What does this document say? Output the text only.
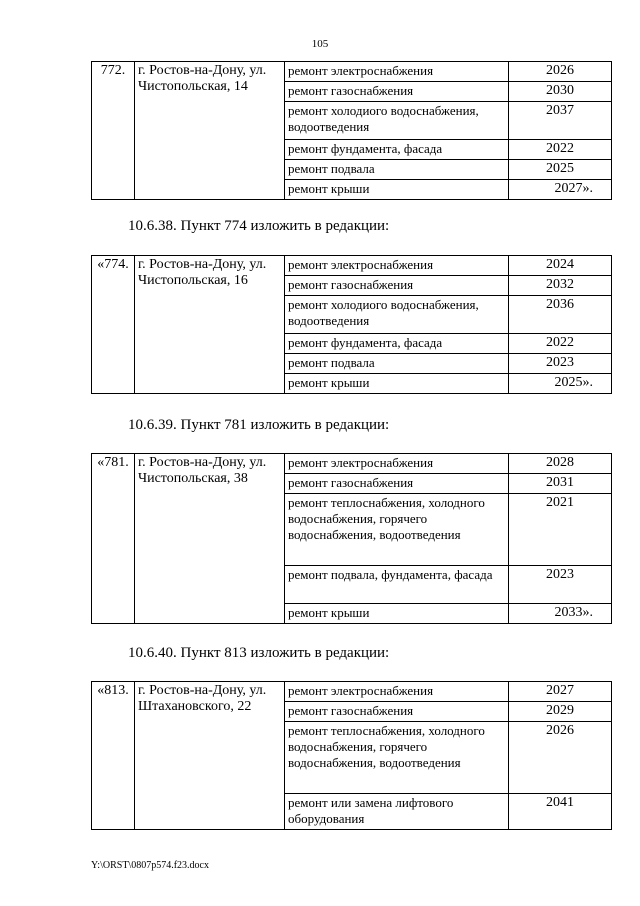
105
772.	г. Ростов-на-Дону, ул. Чистопольская, 14	ремонт электроснабжения	2026
		ремонт газоснабжения	2030
		ремонт холодиого водоснабжения, водоотведения	2037
		ремонт фундамента, фасада	2022
		ремонт подвала	2025
		ремонт крыши	2027».
10.6.38. Пункт 774 изложить в редакции:
«774.	г. Ростов-на-Дону, ул. Чистопольская, 16	ремонт электроснабжения	2024
		ремонт газоснабжения	2032
		ремонт холодиого водоснабжения, водоотведения	2036
		ремонт фундамента, фасада	2022
		ремонт подвала	2023
		ремонт крыши	2025».
10.6.39. Пункт 781 изложить в редакции:
«781.	г. Ростов-на-Дону, ул. Чистопольская, 38	ремонт электроснабжения	2028
		ремонт газоснабжения	2031
		ремонт теплоснабжения, холодного водоснабжения, горячего водоснабжения, водоотведения	2021
		ремонт подвала, фундамента, фасада	2023
		ремонт крыши	2033».
10.6.40. Пункт 813 изложить в редакции:
«813.	г. Ростов-на-Дону, ул. Штахановского, 22	ремонт электроснабжения	2027
		ремонт газоснабжения	2029
		ремонт теплоснабжения, холодного водоснабжения, горячего водоснабжения, водоотведения	2026
		ремонт или замена лифтового оборудования	2041
Y:\ORST\0807p574.f23.docx
